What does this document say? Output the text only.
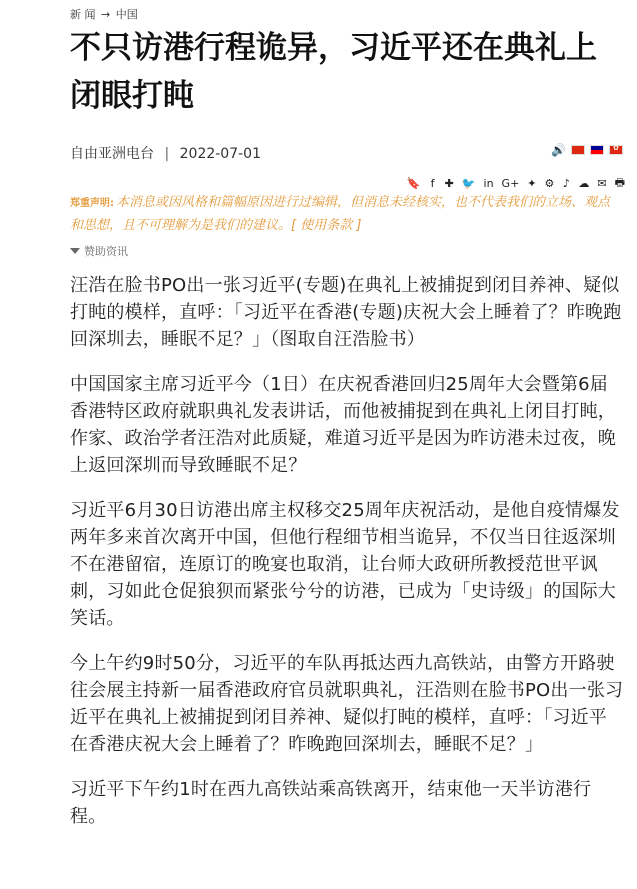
新 闻 → 中国
不只访港行程诡异，习近平还在典礼上闭眼打盹
自由亚洲电台 | 2022-07-01	🔊
✿
🔖 f ✚ 🐦 in G+ ✦ ⚙ ♪ ☁ ✉ 🖶
郑重声明: 本消息或因风格和篇幅原因进行过编辑，但消息未经核实，也不代表我们的立场、观点和思想，且不可理解为是我们的建议。[ 使用条款 ]
赞助资讯

汪浩在脸书PO出一张习近平(专题)在典礼上被捕捉到闭目养神、疑似打盹的模样，直呼：「习近平在香港(专题)庆祝大会上睡着了？昨晚跑回深圳去，睡眠不足？」（图取自汪浩脸书）

中国国家主席习近平今（1日）在庆祝香港回归25周年大会暨第6届香港特区政府就职典礼发表讲话，而他被捕捉到在典礼上闭目打盹，作家、政治学者汪浩对此质疑，难道习近平是因为昨访港未过夜，晚上返回深圳而导致睡眠不足？

习近平6月30日访港出席主权移交25周年庆祝活动，是他自疫情爆发两年多来首次离开中国，但他行程细节相当诡异，不仅当日往返深圳不在港留宿，连原订的晚宴也取消，让台师大政研所教授范世平讽刺，习如此仓促狼狈而紧张兮兮的访港，已成为「史诗级」的国际大笑话。

今上午约9时50分，习近平的车队再抵达西九高铁站，由警方开路驶往会展主持新一届香港政府官员就职典礼，汪浩则在脸书PO出一张习近平在典礼上被捕捉到闭目养神、疑似打盹的模样，直呼：「习近平在香港庆祝大会上睡着了？昨晚跑回深圳去，睡眠不足？」

习近平下午约1时在西九高铁站乘高铁离开，结束他一天半访港行程。
